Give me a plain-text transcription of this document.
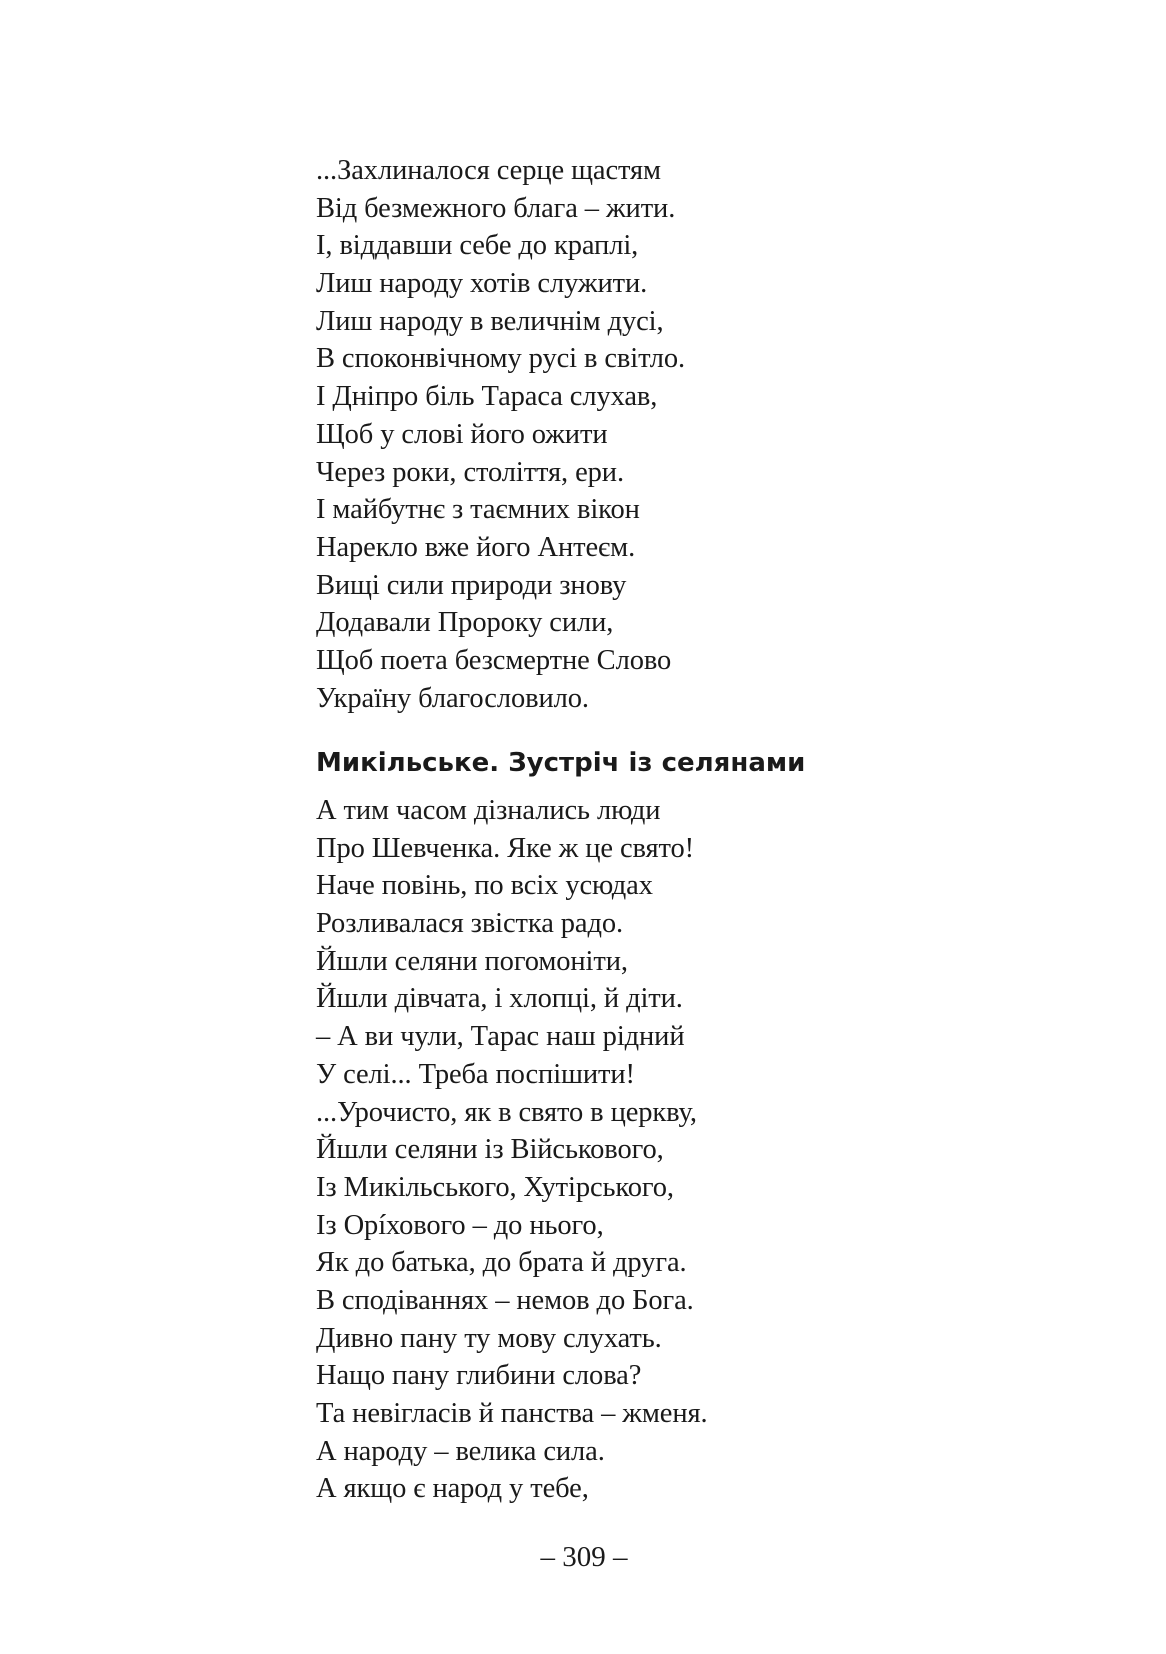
...Захлиналося серце щастям
Від безмежного блага – жити.
І, віддавши себе до краплі,
Лиш народу хотів служити.
Лиш народу в величнім дусі,
В споконвічному русі в світло.
І Дніпро біль Тараса слухав,
Щоб у слові його ожити
Через роки, століття, ери.
І майбутнє з таємних вікон
Нарекло вже його Антеєм.
Вищі сили природи знову
Додавали Пророку сили,
Щоб поета безсмертне Слово
Україну благословило.
Микільське. Зустріч із селянами
А тим часом дізнались люди
Про Шевченка. Яке ж це свято!
Наче повінь, по всіх усюдах
Розливалася звістка радо.
Йшли селяни погомоніти,
Йшли дівчата, і хлопці, й діти.
– А ви чули, Тарас наш рідний
У селі... Треба поспішити!
...Урочисто, як в свято в церкву,
Йшли селяни із Військового,
Із Микільського, Хутірського,
Із Орíхового – до нього,
Як до батька, до брата й друга.
В сподіваннях – немов до Бога.
Дивно пану ту мову слухать.
Нащо пану глибини слова?
Та невігласів й панства – жменя.
А народу – велика сила.
А якщо є народ у тебе,
– 309 –
